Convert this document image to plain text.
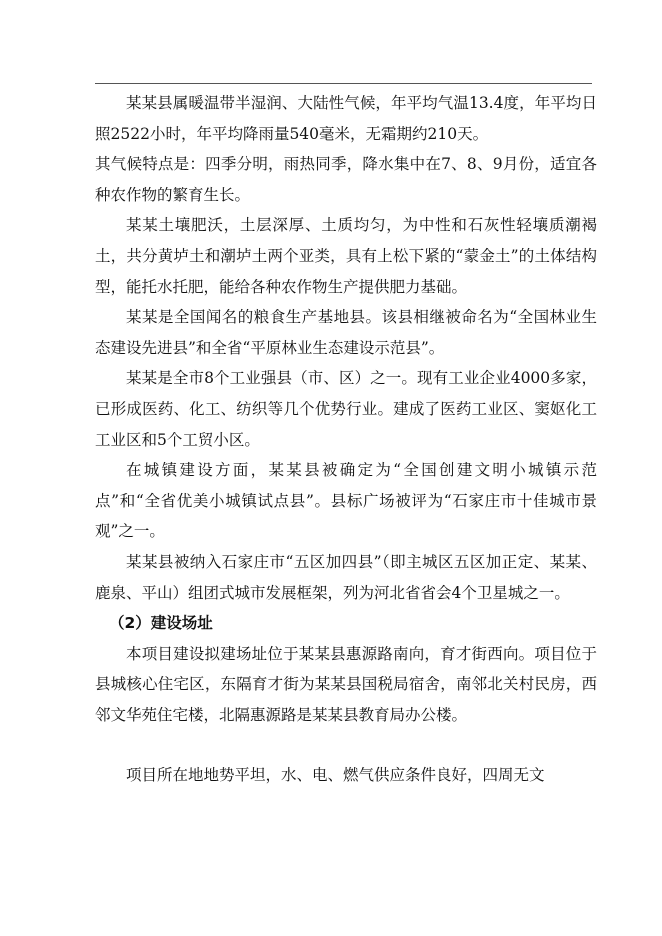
某某县属暖温带半湿润、大陆性气候，年平均气温13.4度，年平均日照2522小时，年平均降雨量540毫米，无霜期约210天。

其气候特点是：四季分明，雨热同季，降水集中在7、8、9月份，适宜各种农作物的繁育生长。

某某土壤肥沃，土层深厚、土质均匀，为中性和石灰性轻壤质潮褐土，共分黄垆土和潮垆土两个亚类，具有上松下紧的“蒙金土”的土体结构型，能托水托肥，能给各种农作物生产提供肥力基础。

某某是全国闻名的粮食生产基地县。该县相继被命名为“全国林业生态建设先进县”和全省“平原林业生态建设示范县”。

某某是全市8个工业强县（市、区）之一。现有工业企业4000多家，已形成医药、化工、纺织等几个优势行业。建成了医药工业区、窦妪化工工业区和5个工贸小区。

在城镇建设方面，某某县被确定为“全国创建文明小城镇示范点”和“全省优美小城镇试点县”。县标广场被评为“石家庄市十佳城市景观”之一。

某某县被纳入石家庄市“五区加四县”（即主城区五区加正定、某某、鹿泉、平山）组团式城市发展框架，列为河北省省会4个卫星城之一。

（2）建设场址

本项目建设拟建场址位于某某县惠源路南向，育才街西向。项目位于县城核心住宅区，东隔育才街为某某县国税局宿舍，南邻北关村民房，西邻文华苑住宅楼，北隔惠源路是某某县教育局办公楼。

项目所在地地势平坦，水、电、燃气供应条件良好，四周无文
